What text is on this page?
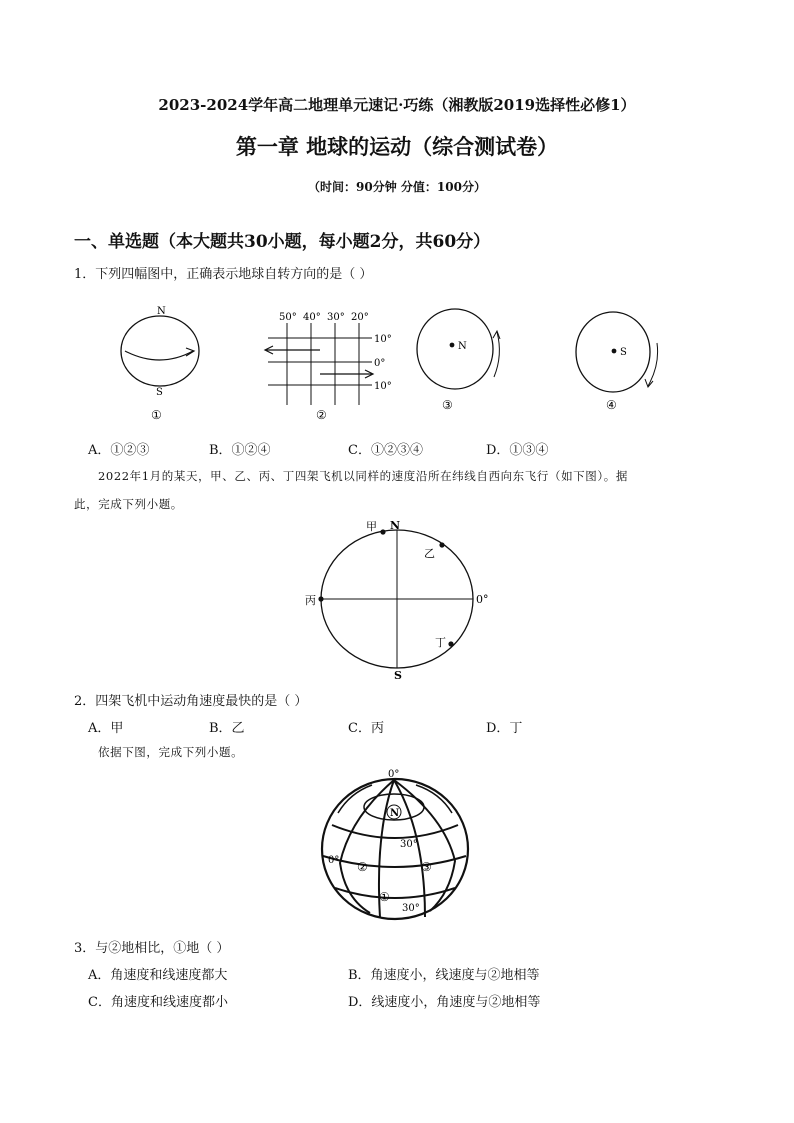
2023-2024学年高二地理单元速记·巧练（湘教版2019选择性必修1）
第一章 地球的运动（综合测试卷）
（时间：90分钟 分值：100分）
一、单选题（本大题共30小题，每小题2分，共60分）
1．下列四幅图中，正确表示地球自转方向的是（ ）
N
S
①
50° 40° 30° 20°
10°
0°
10°
②
N
③
S
④
A．①②③	B．①②④	C．①②③④	D．①③④
2022年1月的某天，甲、乙、丙、丁四架飞机以同样的速度沿所在纬线自西向东飞行（如下图）。据
此，完成下列小题。
甲 N
乙
丙	0°
丁
S
2．四架飞机中运动角速度最快的是（ ）
A．甲	B．乙	C．丙	D．丁
依据下图，完成下列小题。
0°
N
30°
0° ②	③
①
30°
3．与②地相比，①地（ ）
A．角速度和线速度都大	B．角速度小，线速度与②地相等
C．角速度和线速度都小	D．线速度小，角速度与②地相等
